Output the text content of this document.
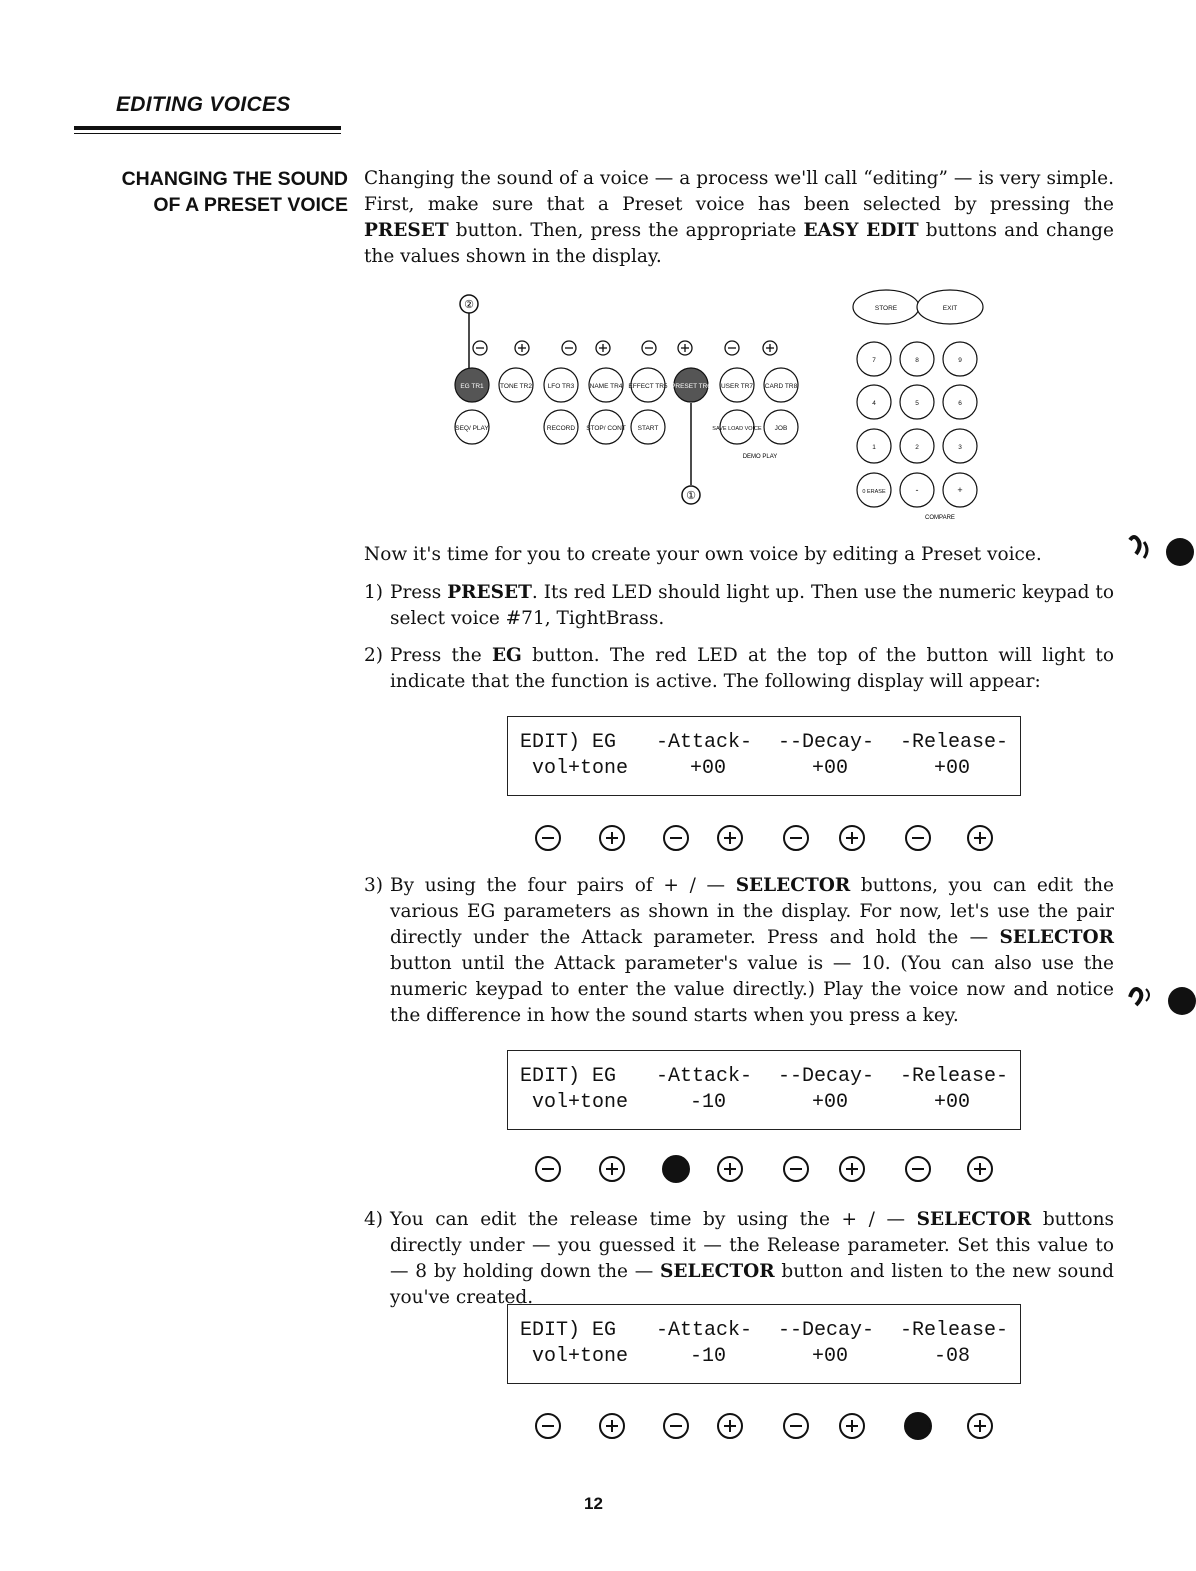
EDITING VOICES
CHANGING THE SOUND
OF A PRESET VOICE
Changing the sound of a voice — a process we'll call “editing” — is very simple. First, make sure that a Preset voice has been selected by pressing the PRESET button. Then, press the appropriate EASY EDIT buttons and change the values shown in the display.
②
EG TR1	TONE TR2 LFO TR3 NAME TR4 EFFECT TR5 PRESET TR6 USER TR7 CARD TR8
SEQ/ PLAY	RECORD STOP/ CONT START	SAVE LOAD VOICE JOB
DEMO PLAY
①
STORE	EXIT
7	8	9
4	5	6
1	2	3
0 ERASE	-	+
COMPARE
Now it's time for you to create your own voice by editing a Preset voice.
1) Press PRESET. Its red LED should light up. Then use the numeric keypad to select voice #71, TightBrass.
2) Press the EG button. The red LED at the top of the button will light to indicate that the function is active. The following display will appear:
EDIT) EG -Attack- --Decay- -Release-
vol+tone	+00	+00	+00
3) By using the four pairs of + / — SELECTOR buttons, you can edit the various EG parameters as shown in the display. For now, let's use the pair directly under the Attack parameter. Press and hold the — SELECTOR button until the Attack parameter's value is — 10. (You can also use the numeric keypad to enter the value directly.) Play the voice now and notice the difference in how the sound starts when you press a key.
EDIT) EG -Attack- --Decay- -Release-
vol+tone	-10	+00	+00
4) You can edit the release time by using the + / — SELECTOR buttons directly under — you guessed it — the Release parameter. Set this value to — 8 by holding down the — SELECTOR button and listen to the new sound you've created.
EDIT) EG -Attack- --Decay- -Release-
vol+tone	-10	+00	-08
12
